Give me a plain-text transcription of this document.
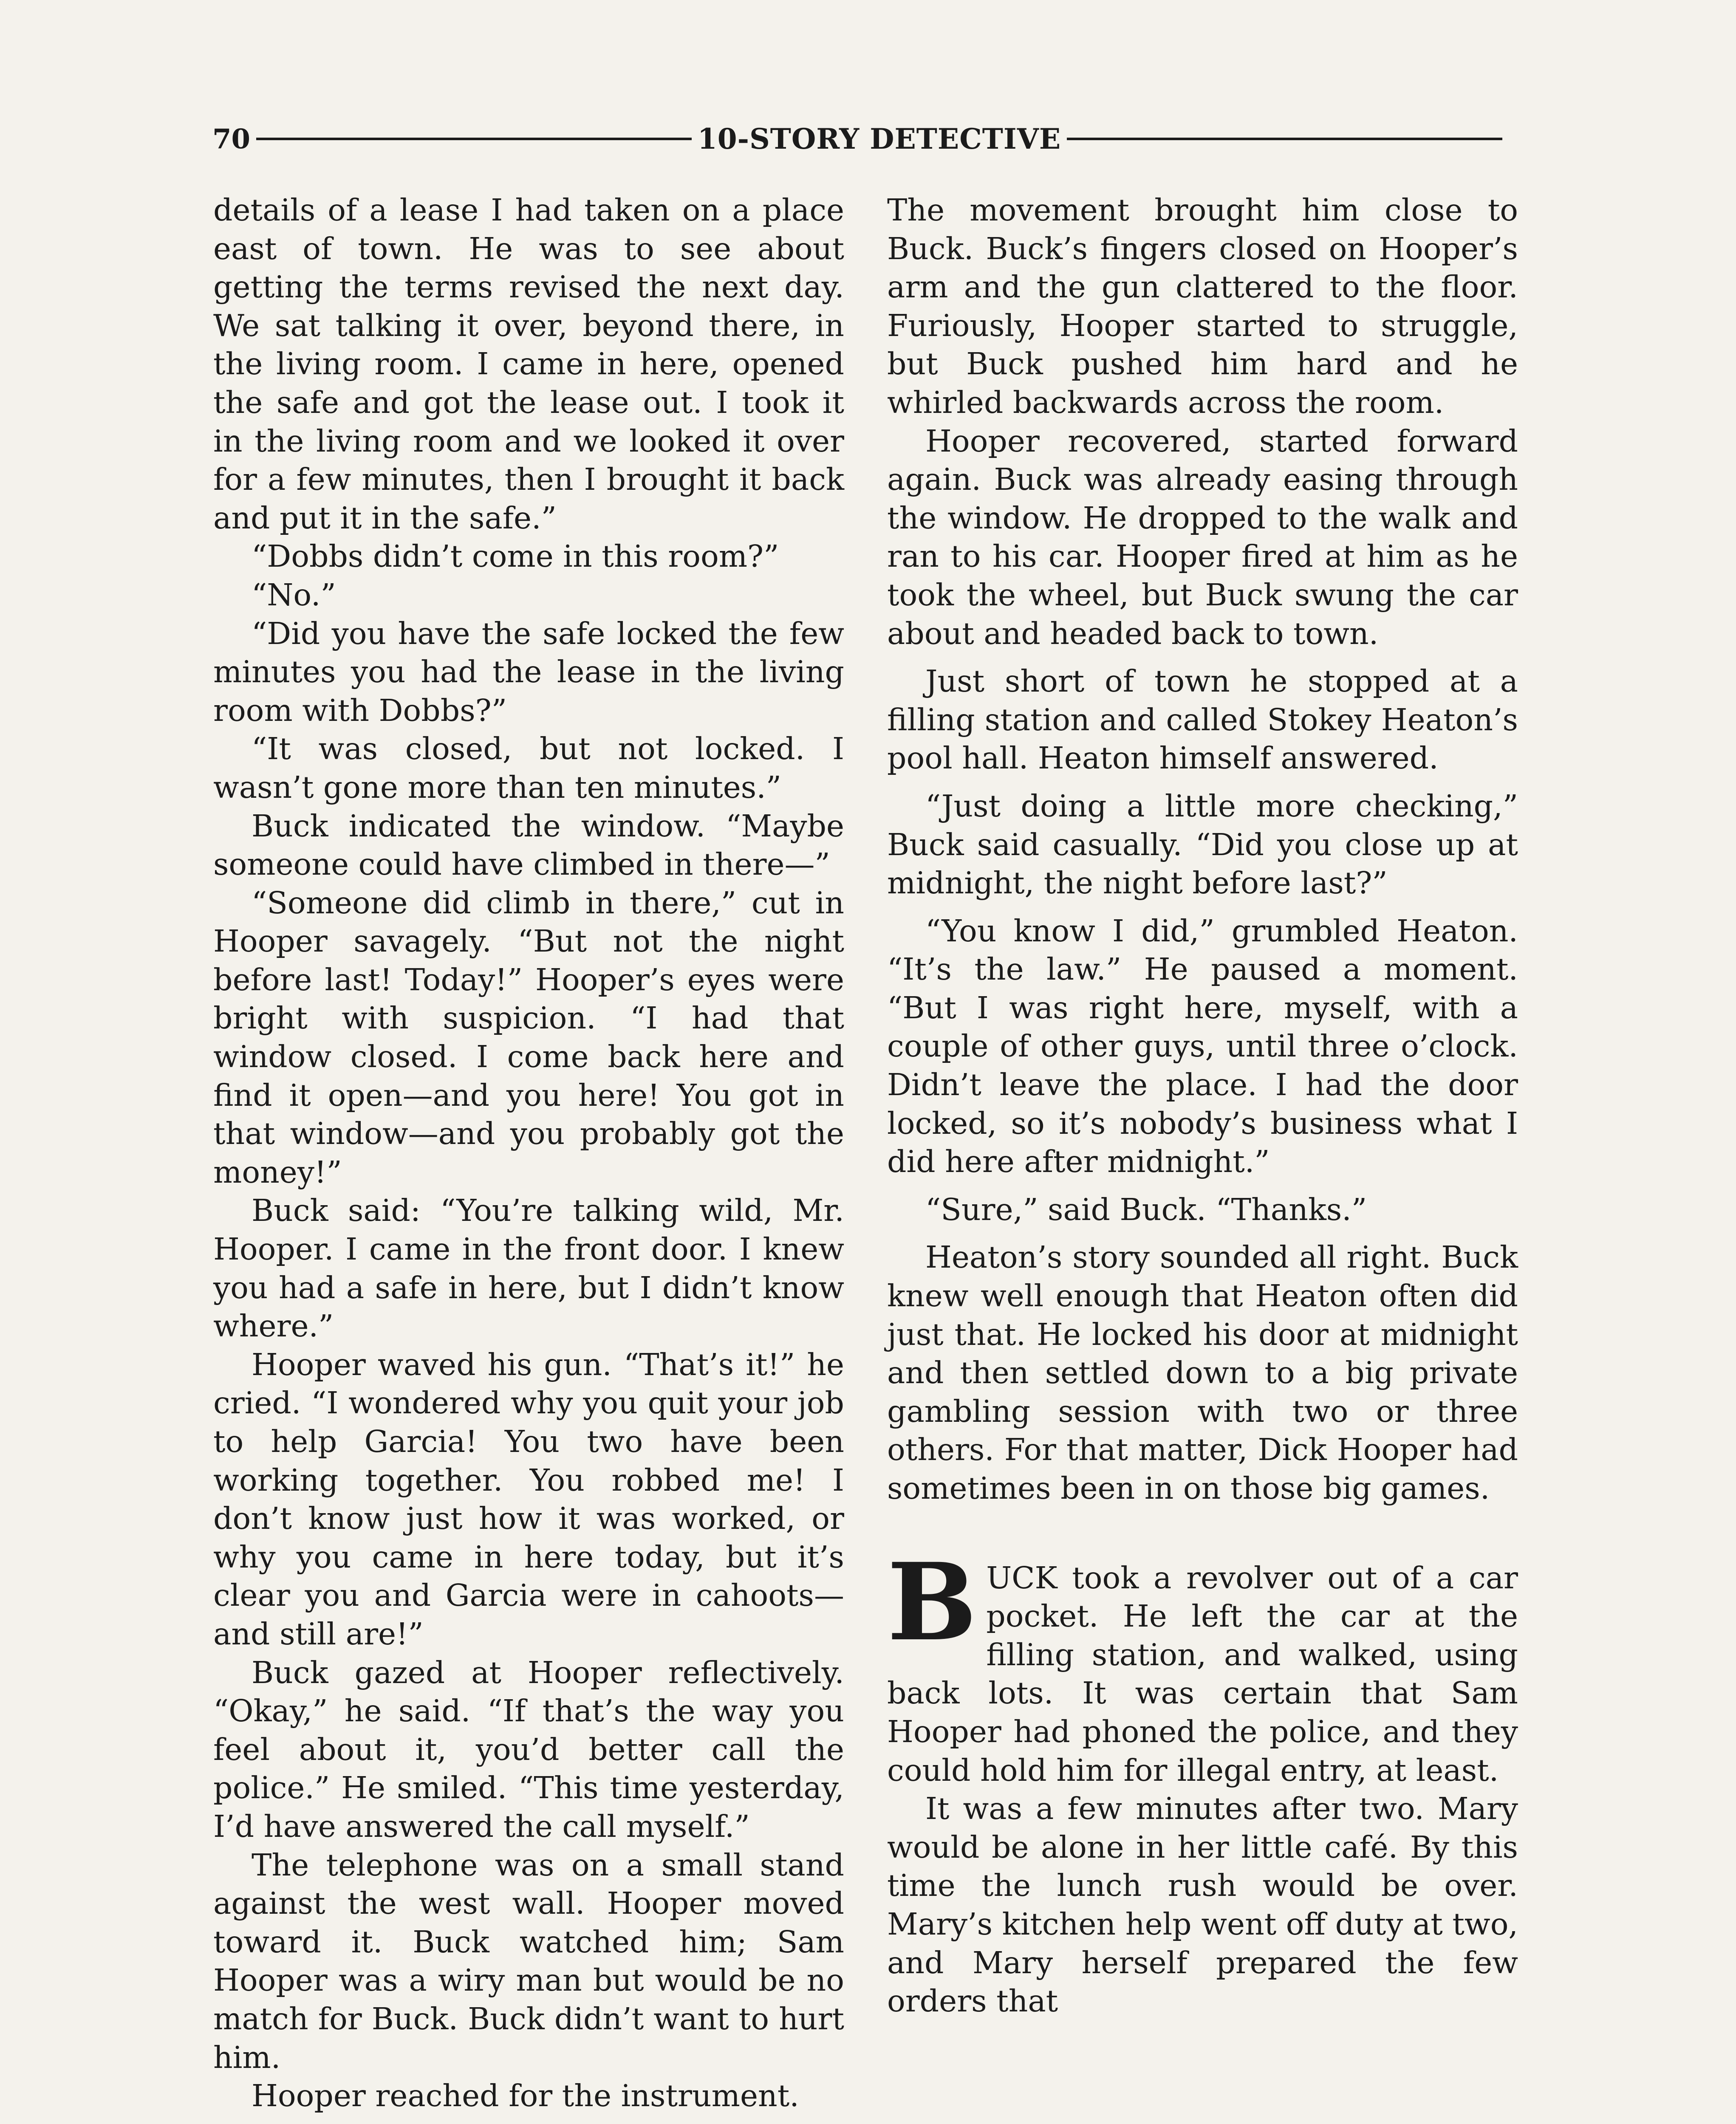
70	10-STORY DETECTIVE

details of a lease I had taken on a place east of town. He was to see about getting the terms revised the next day. We sat talking it over, beyond there, in the living room. I came in here, opened the safe and got the lease out. I took it in the living room and we looked it over for a few minutes, then I brought it back and put it in the safe.”

“Dobbs didn’t come in this room?”

“No.”

“Did you have the safe locked the few minutes you had the lease in the living room with Dobbs?”

“It was closed, but not locked. I wasn’t gone more than ten minutes.”

Buck indicated the window. “Maybe someone could have climbed in there—”

“Someone did climb in there,” cut in Hooper savagely. “But not the night before last! Today!” Hooper’s eyes were bright with suspicion. “I had that window closed. I come back here and find it open—and you here! You got in that window—and you probably got the money!”

Buck said: “You’re talking wild, Mr. Hooper. I came in the front door. I knew you had a safe in here, but I didn’t know where.”

Hooper waved his gun. “That’s it!” he cried. “I wondered why you quit your job to help Garcia! You two have been working together. You robbed me! I don’t know just how it was worked, or why you came in here today, but it’s clear you and Garcia were in cahoots—and still are!”

Buck gazed at Hooper reflectively. “Okay,” he said. “If that’s the way you feel about it, you’d better call the police.” He smiled. “This time yesterday, I’d have answered the call myself.”

The telephone was on a small stand against the west wall. Hooper moved toward it. Buck watched him; Sam Hooper was a wiry man but would be no match for Buck. Buck didn’t want to hurt him.

Hooper reached for the instrument.

The movement brought him close to Buck. Buck’s fingers closed on Hooper’s arm and the gun clattered to the floor. Furiously, Hooper started to struggle, but Buck pushed him hard and he whirled backwards across the room.

Hooper recovered, started forward again. Buck was already easing through the window. He dropped to the walk and ran to his car. Hooper fired at him as he took the wheel, but Buck swung the car about and headed back to town.

Just short of town he stopped at a filling station and called Stokey Heaton’s pool hall. Heaton himself answered.

“Just doing a little more checking,” Buck said casually. “Did you close up at midnight, the night before last?”

“You know I did,” grumbled Heaton. “It’s the law.” He paused a moment. “But I was right here, myself, with a couple of other guys, until three o’clock. Didn’t leave the place. I had the door locked, so it’s nobody’s business what I did here after midnight.”

“Sure,” said Buck. “Thanks.”

Heaton’s story sounded all right. Buck knew well enough that Heaton often did just that. He locked his door at midnight and then settled down to a big private gambling session with two or three others. For that matter, Dick Hooper had sometimes been in on those big games.

BUCK took a revolver out of a car pocket. He left the car at the filling station, and walked, using back lots. It was certain that Sam Hooper had phoned the police, and they could hold him for illegal entry, at least.

It was a few minutes after two. Mary would be alone in her little café. By this time the lunch rush would be over. Mary’s kitchen help went off duty at two, and Mary herself prepared the few orders that
